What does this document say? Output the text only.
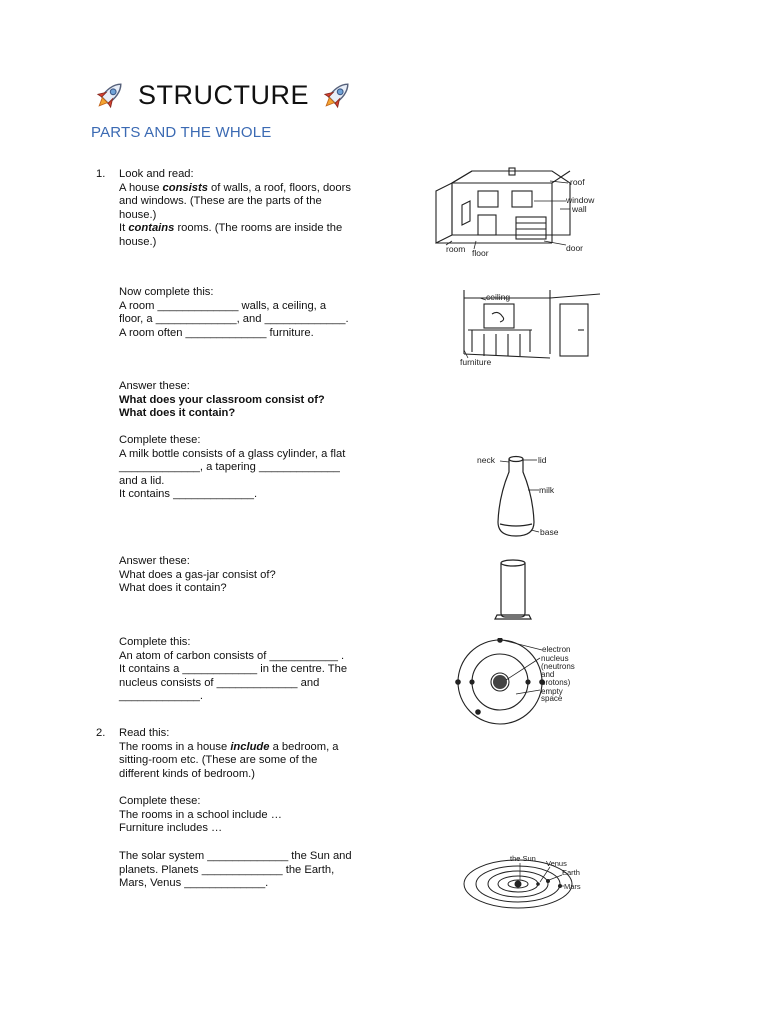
STRUCTURE
PARTS AND THE WHOLE
1.
2.
Look and read:
A house consists of walls, a roof, floors, doors
and windows. (These are the parts of the
house.)
It contains rooms. (The rooms are inside the
house.)
Now complete this:
A room _____________ walls, a ceiling, a
floor, a _____________, and _____________.
A room often _____________ furniture.
Answer these:
What does your classroom consist of?
What does it contain?
Complete these:
A milk bottle consists of a glass cylinder, a flat
_____________, a tapering _____________
and a lid.
It contains _____________.
Answer these:
What does a gas-jar consist of?
What does it contain?
Complete this:
An atom of carbon consists of ___________ .
It contains a ____________ in the centre. The
nucleus consists of _____________ and
_____________.
Read this:
The rooms in a house include a bedroom, a
sitting-room etc. (These are some of the
different kinds of bedroom.)
Complete these:
The rooms in a school include …
Furniture includes …
The solar system _____________ the Sun and
planets. Planets _____________ the Earth,
Mars, Venus _____________.
roof
window
wall
room floor	door
ceiling
furniture
neck	lid
milk
base
electron
nucleus
(neutrons
and
protons)
empty
space
the Sun
Venus
Earth
Mars
